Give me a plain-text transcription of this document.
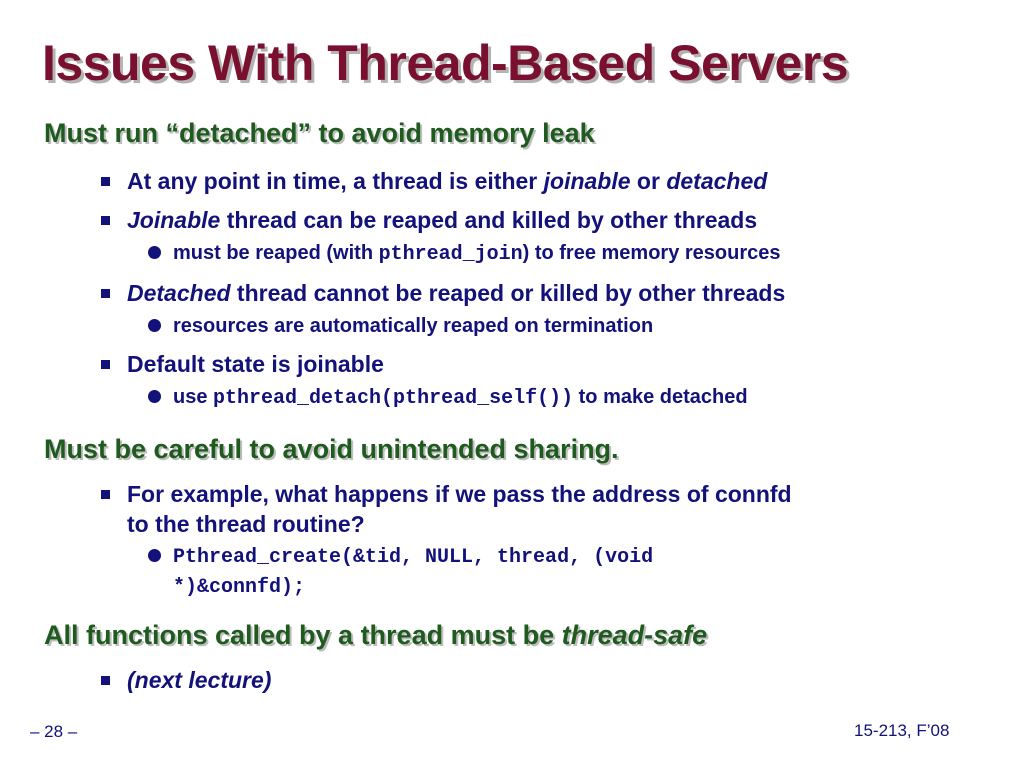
Issues With Thread-Based Servers
Must run “detached” to avoid memory leak
At any point in time, a thread is either joinable or detached
Joinable thread can be reaped and killed by other threads
must be reaped (with pthread_join) to free memory resources
Detached thread cannot be reaped or killed by other threads
resources are automatically reaped on termination
Default state is joinable
use pthread_detach(pthread_self()) to make detached
Must be careful to avoid unintended sharing.
For example, what happens if we pass the address of connfd
to the thread routine?
Pthread_create(&tid, NULL, thread, (void
*)&connfd);
All functions called by a thread must be thread-safe
(next lecture)
– 28 –	15-213, F’08
